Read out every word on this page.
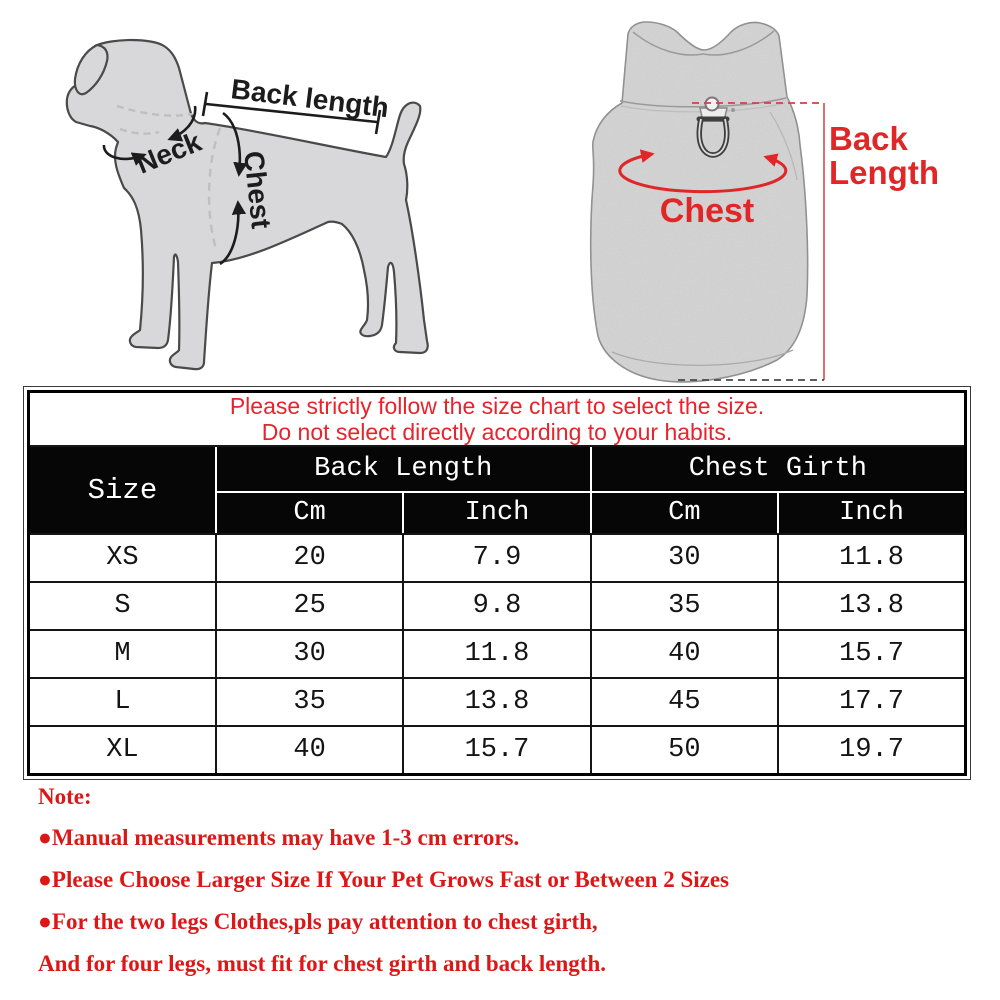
Back length
Neck Chest	Chest
Back
Length
Please strictly follow the size chart to select the size.
Do not select directly according to your habits.				

Size	Back Length		Chest Girth	
	Cm	Inch	Cm	Inch
XS	20	7.9	30	11.8
S	25	9.8	35	13.8
M	30	11.8	40	15.7
L	35	13.8	45	17.7
XL	40	15.7	50	19.7

Note:

●Manual measurements may have 1-3 cm errors.

●Please Choose Larger Size If Your Pet Grows Fast or Between 2 Sizes

●For the two legs Clothes,pls pay attention to chest girth,

And for four legs, must fit for chest girth and back length.
